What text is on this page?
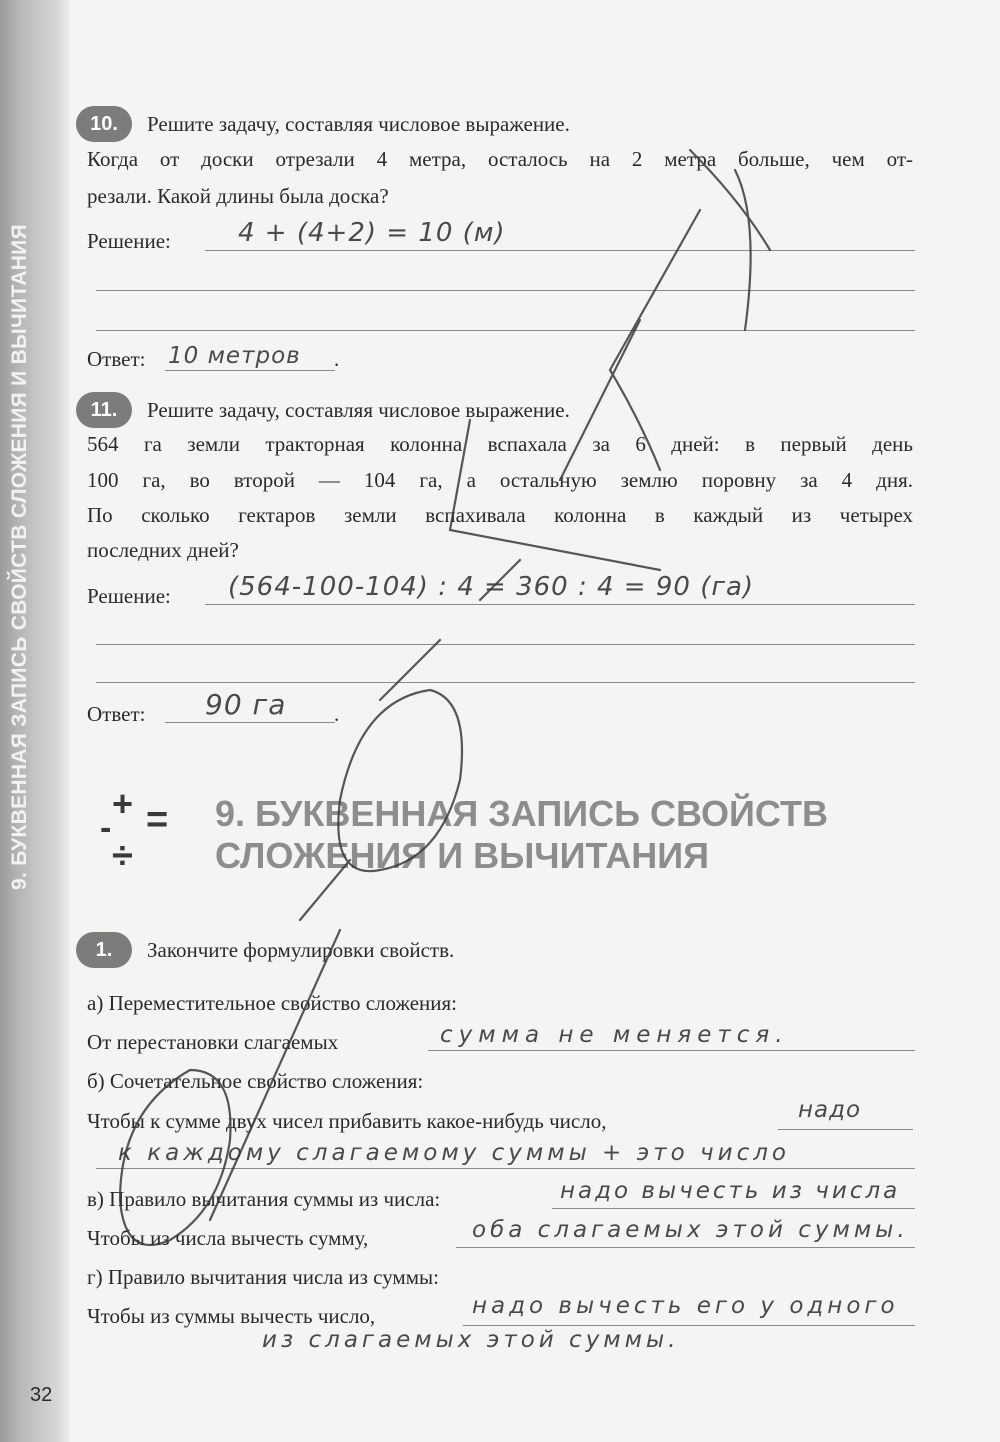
9. БУКВЕННАЯ ЗАПИСЬ СВОЙСТВ СЛОЖЕНИЯ И ВЫЧИТАНИЯ
10.	Решите задачу, составляя числовое выражение.
Когда от доски отрезали 4 метра, осталось на 2 метра больше, чем от-
резали. Какой длины была доска?
Решение:	4 + (4+2) = 10 (м)
Ответ: 10 метров .
11.	Решите задачу, составляя числовое выражение.
564 га земли тракторная колонна вспахала за 6 дней: в первый день
100 га, во второй — 104 га, а остальную землю поровну за 4 дня.
По сколько гектаров земли вспахивала колонна в каждый из четырех
последних дней?
Решение: (564-100-104) : 4 = 360 : 4 = 90 (га)
Ответ: 90 га .
-
+ =
÷
9. БУКВЕННАЯ ЗАПИСЬ СВОЙСТВ
СЛОЖЕНИЯ И ВЫЧИТАНИЯ
1.	Закончите формулировки свойств.
а) Переместительное свойство сложения:
От перестановки слагаемых	сумма не меняется.
б) Сочетательное свойство сложения:
Чтобы к сумме двух чисел прибавить какое-нибудь число,	надо
к каждому слагаемому суммы + это число
в) Правило вычитания суммы из числа:	надо вычесть из числа
Чтобы из числа вычесть сумму,	оба слагаемых этой суммы.
г) Правило вычитания числа из суммы:
Чтобы из суммы вычесть число,	надо вычесть его у одного
из слагаемых этой суммы.
32
